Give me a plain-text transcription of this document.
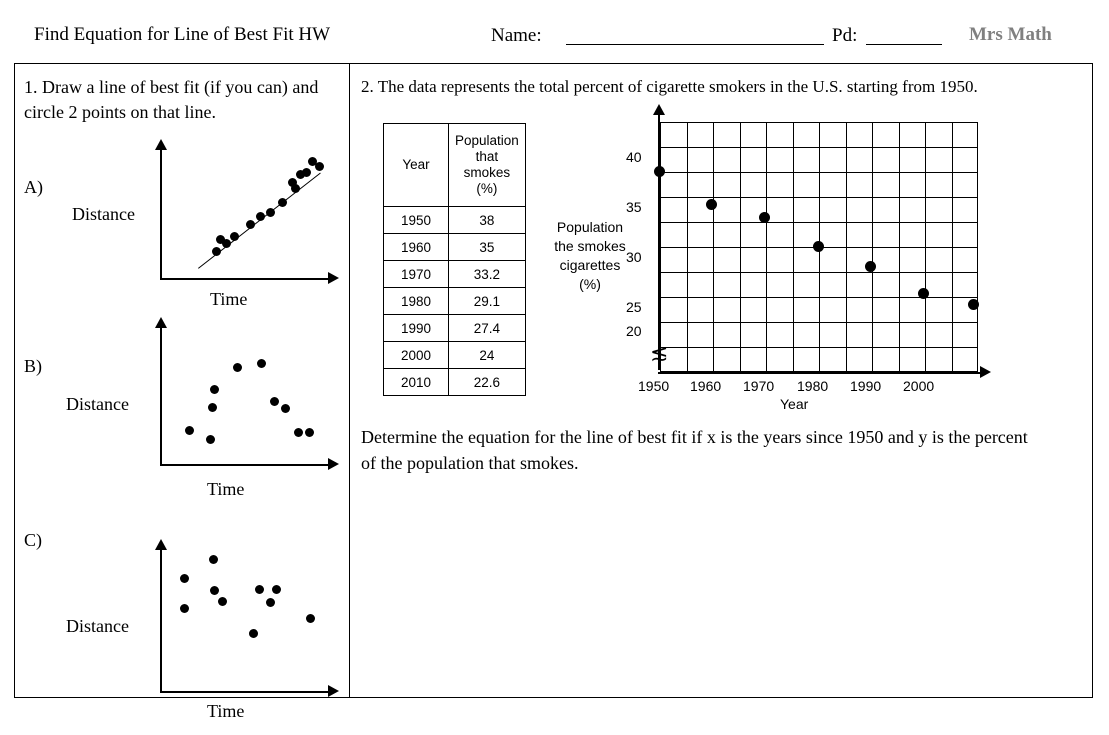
Find Equation for Line of Best Fit HW	Name:	Pd:	Mrs Math
1. Draw a line of best fit (if you can) and circle 2 points on that line.
A)
B)
C)
Distance
Time
Distance
Time
Distance
Time
2. The data represents the total percent of cigarette smokers in the U.S. starting from 1950.
Year	Population
that
smokes
(%)

1950	38
1960	35
1970	33.2
1980	29.1
1990	27.4
2000	24
2010	22.6
Population
the smokes
cigarettes
(%)
≲
40
35
30
25
20
1950 1960 1970 1980 1990 2000
Year
Determine the equation for the line of best fit if x is the years since 1950 and y is the percent of the population that smokes.
